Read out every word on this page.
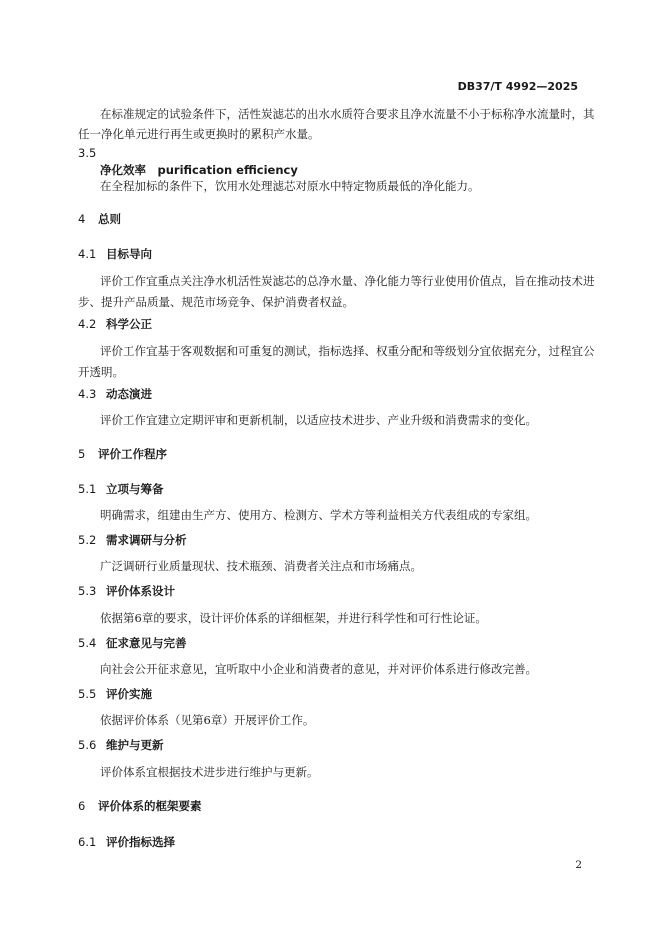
DB37/T 4992—2025
在标准规定的试验条件下，活性炭滤芯的出水水质符合要求且净水流量不小于标称净水流量时，其
任一净化单元进行再生或更换时的累积产水量。
3.5
净化效率　purification efficiency
在全程加标的条件下，饮用水处理滤芯对原水中特定物质最低的净化能力。
4 总则
4.1 目标导向
评价工作宜重点关注净水机活性炭滤芯的总净水量、净化能力等行业使用价值点，旨在推动技术进
步、提升产品质量、规范市场竞争、保护消费者权益。
4.2 科学公正
评价工作宜基于客观数据和可重复的测试，指标选择、权重分配和等级划分宜依据充分，过程宜公
开透明。
4.3 动态演进
评价工作宜建立定期评审和更新机制，以适应技术进步、产业升级和消费需求的变化。
5 评价工作程序
5.1 立项与筹备
明确需求，组建由生产方、使用方、检测方、学术方等利益相关方代表组成的专家组。
5.2 需求调研与分析
广泛调研行业质量现状、技术瓶颈、消费者关注点和市场痛点。
5.3 评价体系设计
依据第6章的要求，设计评价体系的详细框架，并进行科学性和可行性论证。
5.4 征求意见与完善
向社会公开征求意见，宜听取中小企业和消费者的意见，并对评价体系进行修改完善。
5.5 评价实施
依据评价体系（见第6章）开展评价工作。
5.6 维护与更新
评价体系宜根据技术进步进行维护与更新。
6 评价体系的框架要素
6.1 评价指标选择
2
